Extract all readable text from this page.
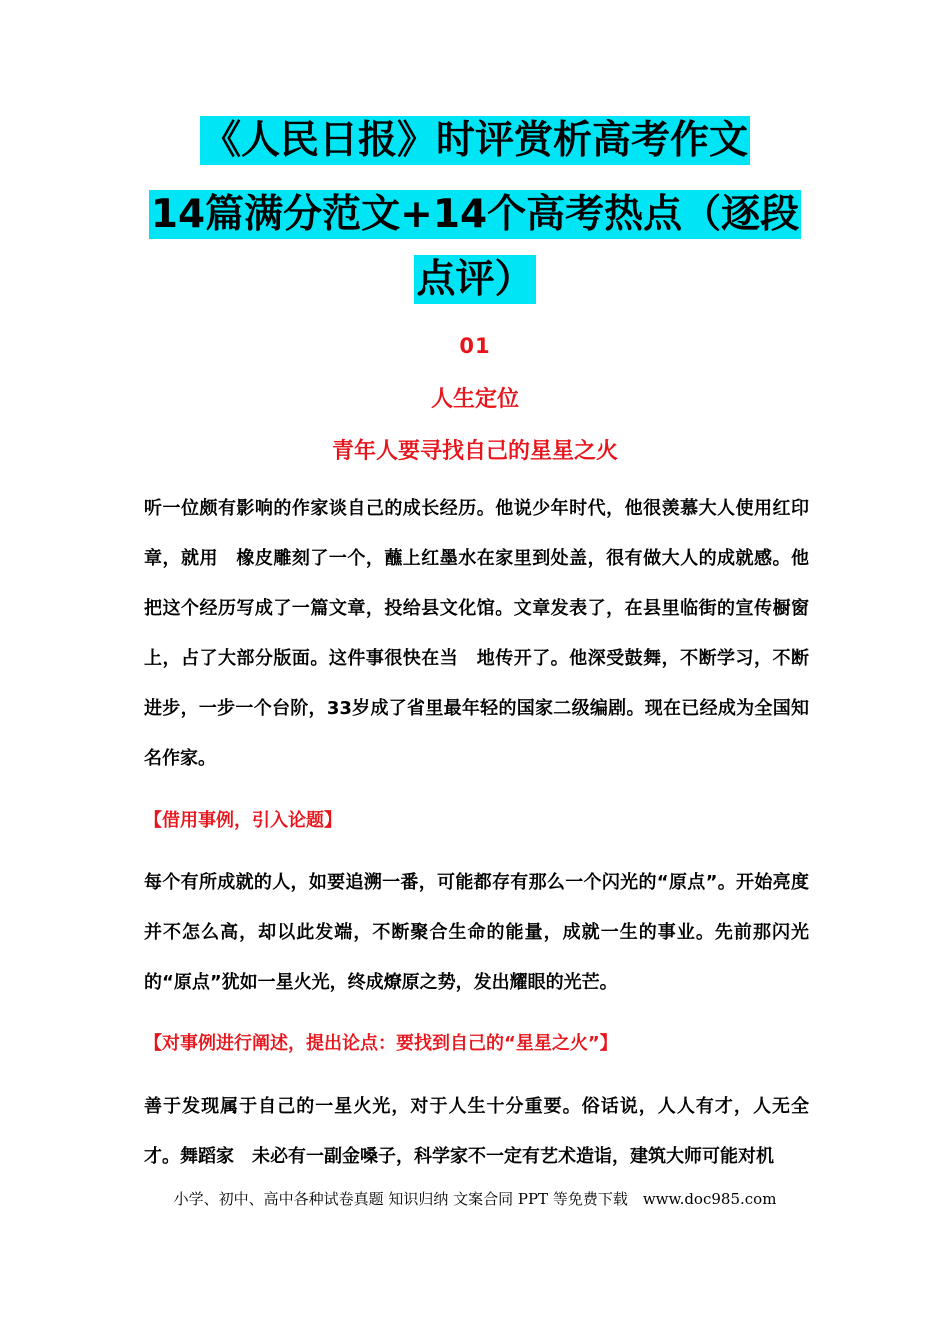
《人民日报》时评赏析高考作文
14篇满分范文+14个高考热点（逐段点评）
01
人生定位
青年人要寻找自己的星星之火

听一位颇有影响的作家谈自己的成长经历。他说少年时代，他很羡慕大人使用红印章，就用　橡皮雕刻了一个，蘸上红墨水在家里到处盖，很有做大人的成就感。他把这个经历写成了一篇文章，投给县文化馆。文章发表了，在县里临街的宣传橱窗上，占了大部分版面。这件事很快在当　地传开了。他深受鼓舞，不断学习，不断进步，一步一个台阶，33岁成了省里最年轻的国家二级编剧。现在已经成为全国知名作家。

【借用事例，引入论题】

每个有所成就的人，如要追溯一番，可能都存有那么一个闪光的“原点”。开始亮度并不怎么高，却以此发端，不断聚合生命的能量，成就一生的事业。先前那闪光的“原点”犹如一星火光，终成燎原之势，发出耀眼的光芒。

【对事例进行阐述，提出论点：要找到自己的“星星之火”】

善于发现属于自己的一星火光，对于人生十分重要。俗话说，人人有才，人无全才。舞蹈家　未必有一副金嗓子，科学家不一定有艺术造诣，建筑大师可能对机

小学、初中、高中各种试卷真题 知识归纳 文案合同 PPT 等免费下载　www.doc985.com
